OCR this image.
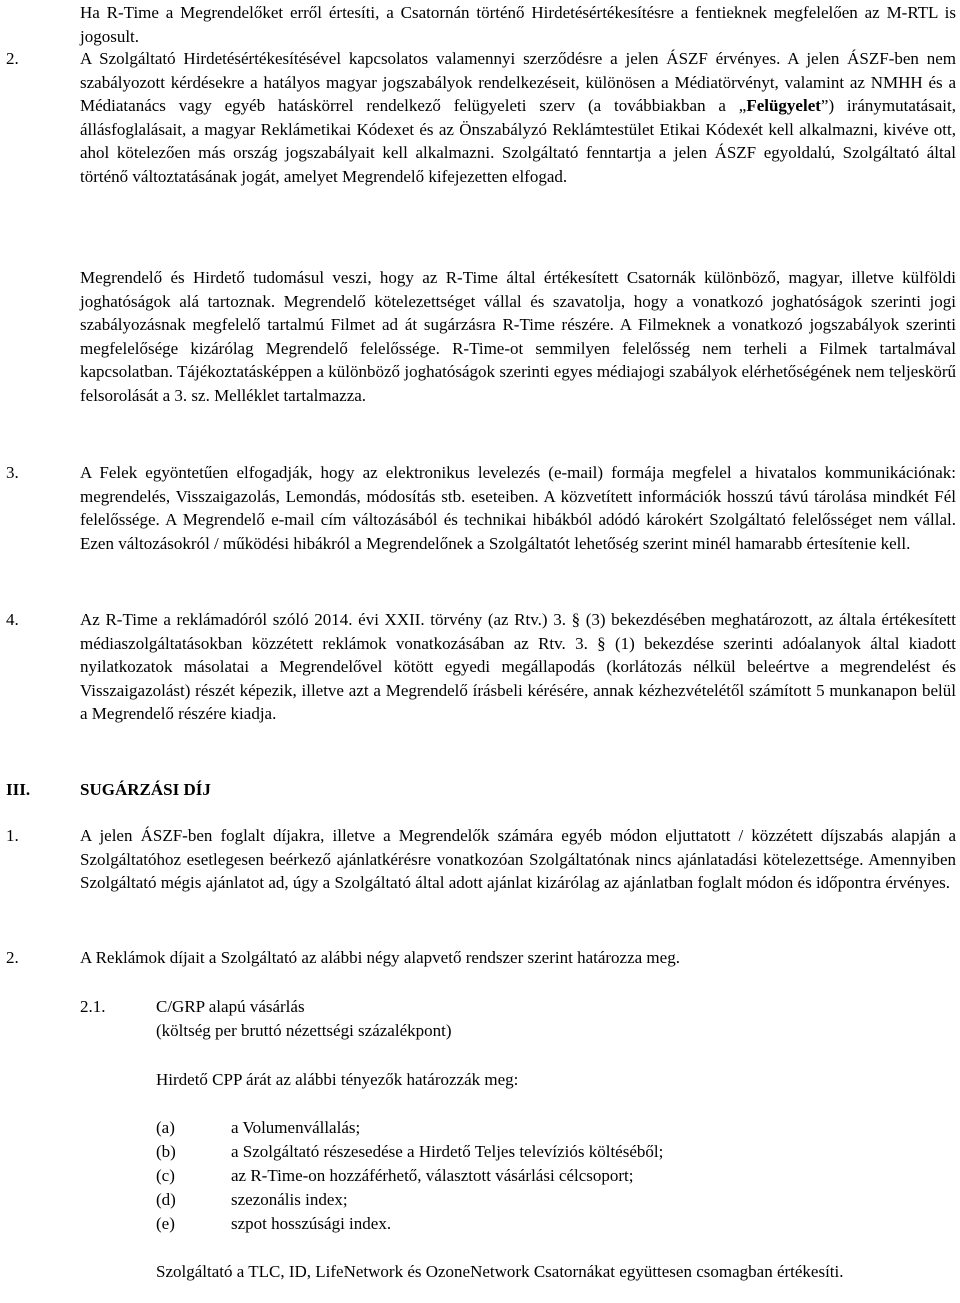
Ha R-Time a Megrendelőket erről értesíti, a Csatornán történő Hirdetésértékesítésre a fentieknek megfelelően az M-RTL is jogosult.
2.	A Szolgáltató Hirdetésértékesítésével kapcsolatos valamennyi szerződésre a jelen ÁSZF érvényes. A jelen ÁSZF-ben nem szabályozott kérdésekre a hatályos magyar jogszabályok rendelkezéseit, különösen a Médiatörvényt, valamint az NMHH és a Médiatanács vagy egyéb hatáskörrel rendelkező felügyeleti szerv (a továbbiakban a „Felügyelet”) iránymutatásait, állásfoglalásait, a magyar Reklámetikai Kódexet és az Önszabályzó Reklámtestület Etikai Kódexét kell alkalmazni, kivéve ott, ahol kötelezően más ország jogszabályait kell alkalmazni. Szolgáltató fenntartja a jelen ÁSZF egyoldalú, Szolgáltató által történő változtatásának jogát, amelyet Megrendelő kifejezetten elfogad.
Megrendelő és Hirdető tudomásul veszi, hogy az R-Time által értékesített Csatornák különböző, magyar, illetve külföldi joghatóságok alá tartoznak. Megrendelő kötelezettséget vállal és szavatolja, hogy a vonatkozó joghatóságok szerinti jogi szabályozásnak megfelelő tartalmú Filmet ad át sugárzásra R-Time részére. A Filmeknek a vonatkozó jogszabályok szerinti megfelelősége kizárólag Megrendelő felelőssége. R-Time-ot semmilyen felelősség nem terheli a Filmek tartalmával kapcsolatban. Tájékoztatásképpen a különböző joghatóságok szerinti egyes médiajogi szabályok elérhetőségének nem teljeskörű felsorolását a 3. sz. Melléklet tartalmazza.
3.	A Felek egyöntetűen elfogadják, hogy az elektronikus levelezés (e-mail) formája megfelel a hivatalos kommunikációnak: megrendelés, Visszaigazolás, Lemondás, módosítás stb. eseteiben. A közvetített információk hosszú távú tárolása mindkét Fél felelőssége. A Megrendelő e-mail cím változásából és technikai hibákból adódó károkért Szolgáltató felelősséget nem vállal. Ezen változásokról / működési hibákról a Megrendelőnek a Szolgáltatót lehetőség szerint minél hamarabb értesítenie kell.
4.	Az R-Time a reklámadóról szóló 2014. évi XXII. törvény (az Rtv.) 3. § (3) bekezdésében meghatározott, az általa értékesített médiaszolgáltatásokban közzétett reklámok vonatkozásában az Rtv. 3. § (1) bekezdése szerinti adóalanyok által kiadott nyilatkozatok másolatai a Megrendelővel kötött egyedi megállapodás (korlátozás nélkül beleértve a megrendelést és Visszaigazolást) részét képezik, illetve azt a Megrendelő írásbeli kérésére, annak kézhezvételétől számított 5 munkanapon belül a Megrendelő részére kiadja.
III.	SUGÁRZÁSI DÍJ
1.	A jelen ÁSZF-ben foglalt díjakra, illetve a Megrendelők számára egyéb módon eljuttatott / közzétett díjszabás alapján a Szolgáltatóhoz esetlegesen beérkező ajánlatkérésre vonatkozóan Szolgáltatónak nincs ajánlatadási kötelezettsége. Amennyiben Szolgáltató mégis ajánlatot ad, úgy a Szolgáltató által adott ajánlat kizárólag az ajánlatban foglalt módon és időpontra érvényes.
2.	A Reklámok díjait a Szolgáltató az alábbi négy alapvető rendszer szerint határozza meg.
2.1.	C/GRP alapú vásárlás
(költség per bruttó nézettségi százalékpont)
Hirdető CPP árát az alábbi tényezők határozzák meg:
(a)	a Volumenvállalás;
(b)	a Szolgáltató részesedése a Hirdető Teljes televíziós költéséből;
(c)	az R-Time-on hozzáférhető, választott vásárlási célcsoport;
(d)	szezonális index;
(e)	szpot hosszúsági index.
Szolgáltató a TLC, ID, LifeNetwork és OzoneNetwork Csatornákat együttesen csomagban értékesíti.
